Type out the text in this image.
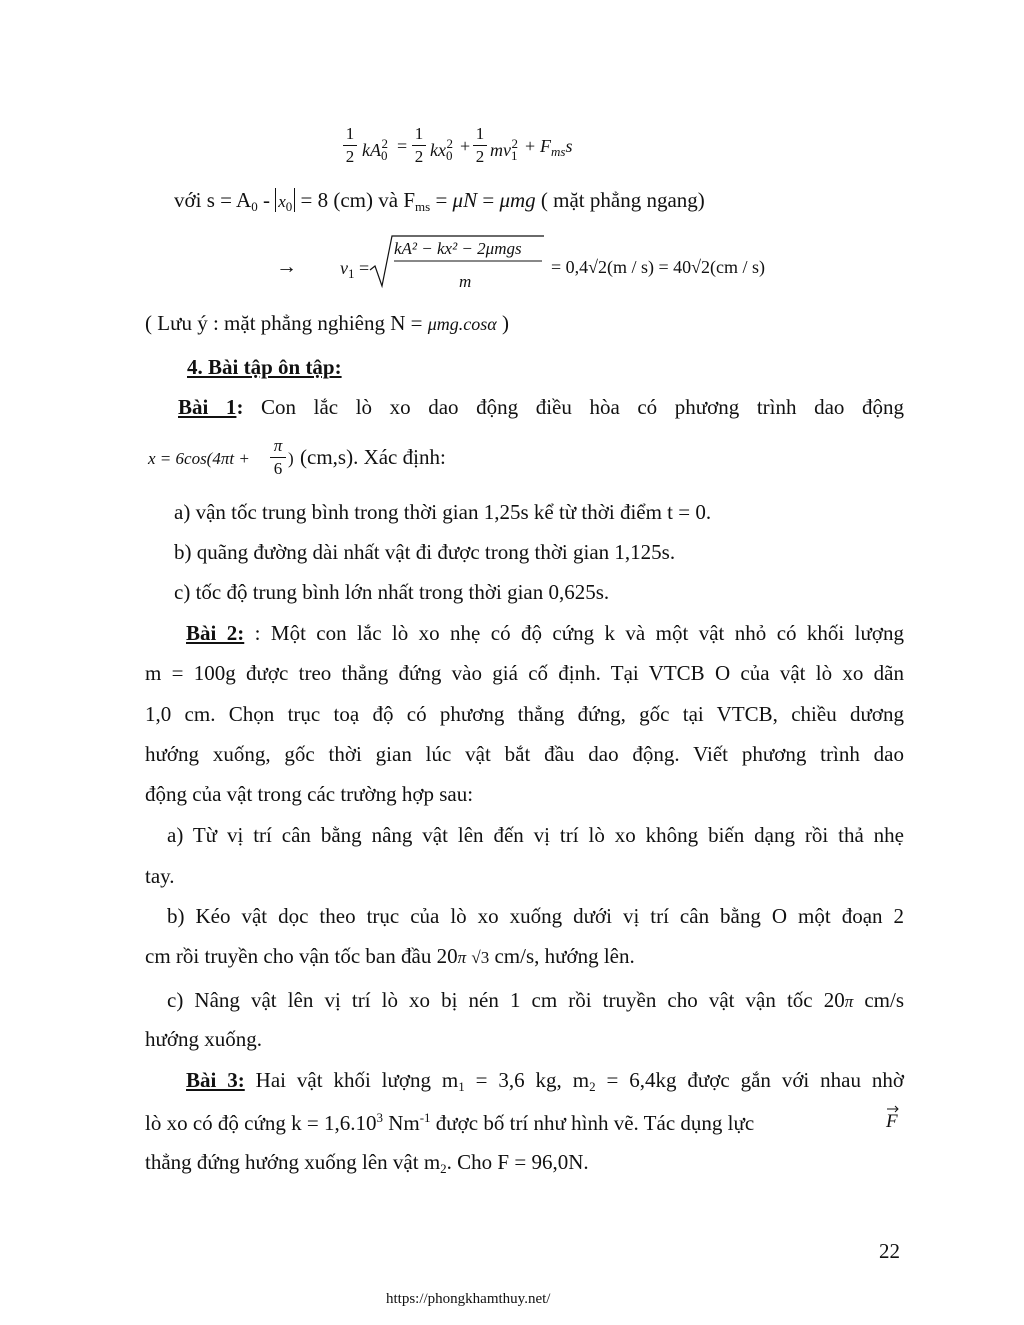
1
2 $kA_0^2$ =
1
2 $kx_0^2$ +
1
2 $mv_1^2 + F_{ms}s$
với $s = A_0 - x_0 = 8$ (cm) và $F_{ms} = \mu N = \mu mg$ ( mặt phẳng ngang)
→ $v_1$ =
kA² − kx² − 2μmgs
m
= 0,4√2(m / s) = 40√2(cm / s)
( Lưu ý : mặt phẳng nghiêng N = μmg.cosα )
4. Bài tập ôn tập:
Bài 1: Con lắc lò xo dao động điều hòa có phương trình dao động
x = 6cos(4πt +
π
6
) (cm,s). Xác định:
a) vận tốc trung bình trong thời gian 1,25s kể từ thời điểm t = 0.
b) quãng đường dài nhất vật đi được trong thời gian 1,125s.
c) tốc độ trung bình lớn nhất trong thời gian 0,625s.
Bài 2: : Một con lắc lò xo nhẹ có độ cứng k và một vật nhỏ có khối lượng
m = 100g được treo thẳng đứng vào giá cố định. Tại VTCB O của vật lò xo dãn
1,0 cm. Chọn trục toạ độ có phương thẳng đứng, gốc tại VTCB, chiều dương
hướng xuống, gốc thời gian lúc vật bắt đầu dao động. Viết phương trình dao
động của vật trong các trường hợp sau:
a) Từ vị trí cân bằng nâng vật lên đến vị trí lò xo không biến dạng rồi thả nhẹ
tay.
b) Kéo vật dọc theo trục của lò xo xuống dưới vị trí cân bằng O một đoạn 2
cm rồi truyền cho vận tốc ban đầu 20π √3 cm/s, hướng lên.
c) Nâng vật lên vị trí lò xo bị nén 1 cm rồi truyền cho vật vận tốc 20π cm/s
hướng xuống.
Bài 3: Hai vật khối lượng $m_1 = 3,6$ kg, $m_2 = 6,4kg$ được gắn với nhau nhờ
lò xo có độ cứng $k = 1,6.10^3$ $Nm^{-1}$ được bố trí như hình vẽ. Tác dụng lực	F
thẳng đứng hướng xuống lên vật $m_2$. Cho F = 96,0N.
22
https://phongkhamthuy.net/
